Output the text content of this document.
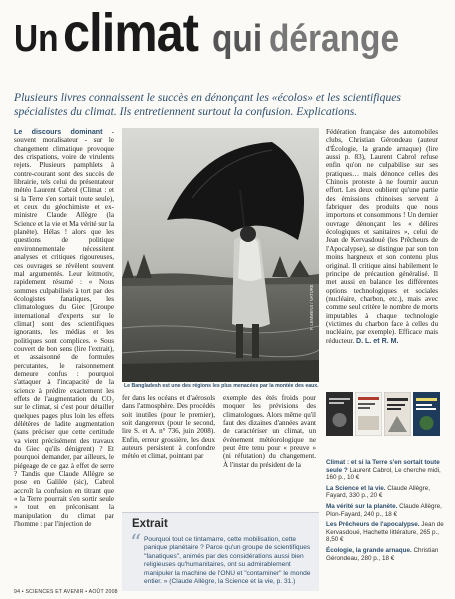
Un climat qui dérange
Plusieurs livres connaissent le succès en dénonçant les «écolos» et les scientifiques spécialistes du climat. Ils entretiennent surtout la confusion. Explications.

Le discours dominant - souvent moralisateur - sur le changement climatique provoque des crispations, voire de virulents rejets. Plusieurs pamphlets à contre-courant sont des succès de librairie, tels celui du présentateur météo Laurent Cabrol (Climat : et si la Terre s'en sortait toute seule), et ceux du géochimiste et ex-ministre Claude Allègre (la Science et la vie et Ma vérité sur la planète). Hélas ! alors que les questions de politique environnementale nécessitent analyses et critiques rigoureuses, ces ouvrages se révèlent souvent mal argumentés. Leur leitmotiv, rapidement résumé : « Nous sommes culpabilisés à tort par des écologistes fanatiques, les climatologues du Giec [Groupe international d'experts sur le climat] sont des scientifiques ignorants, les médias et les politiques sont complices. » Sous couvert de bon sens (lire l'extrait), et assaisonné de formules percutantes, le raisonnement demeure confus : pourquoi s'attaquer à l'incapacité de la science à prédire exactement les effets de l'augmentation du CO₂ sur le climat, si c'est pour détailler quelques pages plus loin les effets délétères de ladite augmentation (sans préciser que cette certitude va vient précisément des travaux du Giec qu'ils dénigrent) ? Et pourquoi demander, par ailleurs, le piégeage de ce gaz à effet de serre ? Tandis que Claude Allègre se pose en Galilée (sic), Cabrol accroît la confusion en titrant que « la Terre pourrait s'en sortir seule » tout en préconisant la manipulation du climat par l'homme : par l'injection de

F. LEMMENS / NATURE
Le Bangladesh est une des régions les plus menacées par la montée des eaux.

fer dans les océans et d'aérosols dans l'atmosphère. Des procédés soit inutiles (pour le premier), soit dangereux (pour le second, lire S. et A. n° 736, juin 2008). Enfin, erreur grossière, les deux auteurs persistent à confondre météo et climat, pointant par

exemple des étés froids pour moquer les prévisions des climatologues. Alors même qu'il faut des dizaines d'années avant de caractériser un climat, un événement météorologique ne peut être tenu pour « preuve » (ni réfutation) du changement. À l'instar du président de la

Fédération française des automobiles clubs, Christian Gérondeau (auteur d'Écologie, la grande arnaque) (lire aussi p. 83), Laurent Cabrol refuse enfin qu'on ne culpabilise sur ses pratiques… mais dénonce celles des Chinois proteste à ne fournir aucun effort. Les deux oublient qu'une partie des émissions chinoises servent à fabriquer des produits que nous importons et consommons ! Un dernier ouvrage dénonçant les « délires écologiques et sanitaires », celui de Jean de Kervasdoué (les Prêcheurs de l'Apocalypse), se distingue par son ton moins hargneux et son contenu plus original. Il critique ainsi habilement le principe de précaution généralisé. Il met aussi en balance les différentes options technologiques et sociales (nucléaire, charbon, etc.), mais avec comme seul critère le nombre de morts imputables à chaque technologie (victimes du charbon face à celles du nucléaire, par exemple). Efficace mais réducteur. D. L. et R. M.

Extrait
“ Pourquoi tout ce tintamarre, cette mobilisation, cette panique planétaire ? Parce qu'un groupe de scientifiques "fanatiques", animés par des considérations aussi bien religieuses qu'humanitaires, ont su admirablement manipuler la machine de l'ONU et "contaminer" le monde entier. » (Claude Allègre, la Science et la vie, p. 31.)
Climat : et si la Terre s'en sortait toute seule ? Laurent Cabrol, Le cherche midi, 160 p., 10 €
La Science et la vie. Claude Allègre, Fayard, 330 p., 20 €
Ma vérité sur la planète. Claude Allègre, Plon-Fayard, 240 p., 18 €
Les Prêcheurs de l'apocalypse. Jean de Kervasdoué, Hachette littérature, 265 p., 8,50 €
Écologie, la grande arnaque. Christian Gérondeau, 280 p., 18 €
94 • SCIENCES ET AVENIR • AOÛT 2008
